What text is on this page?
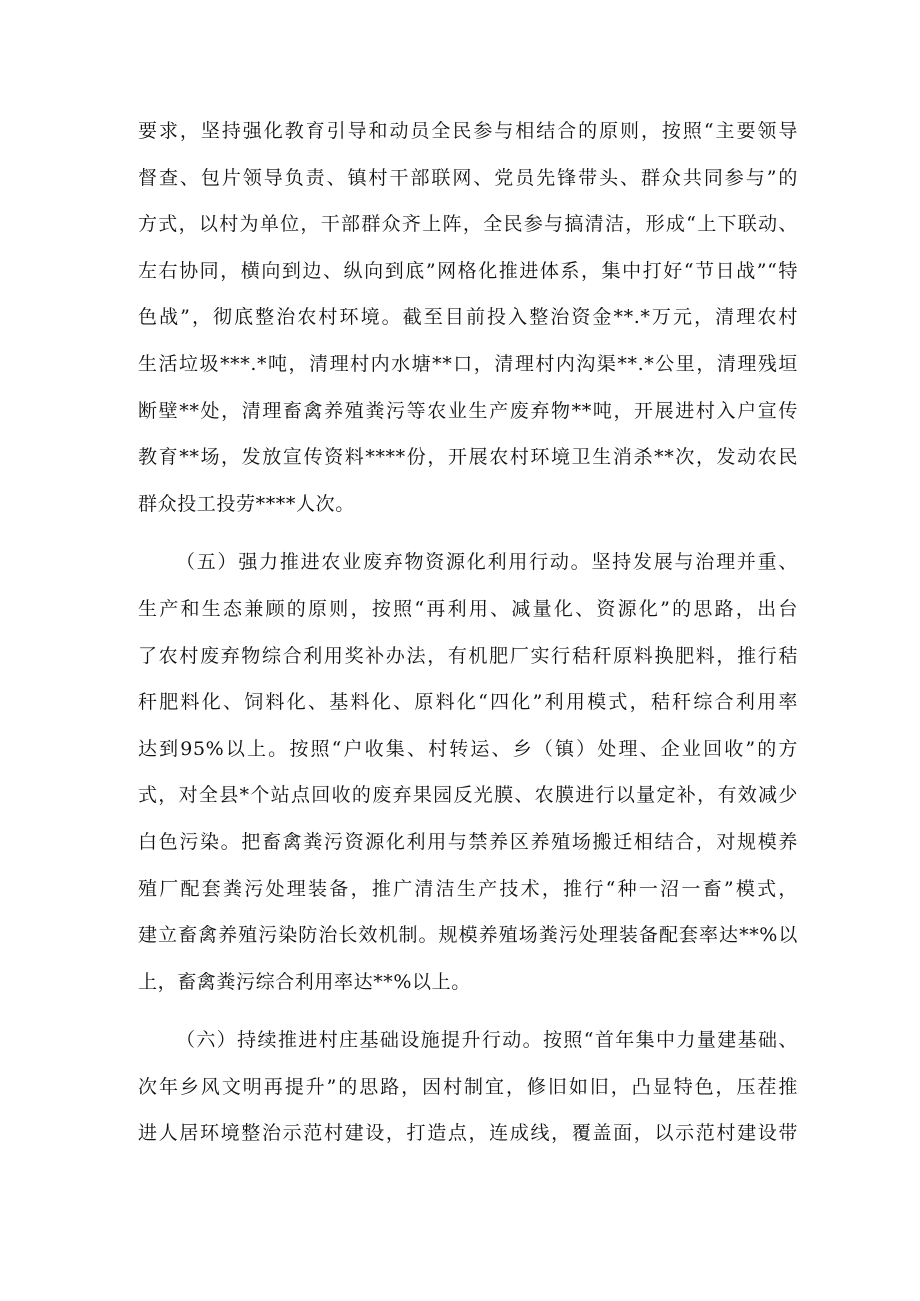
要求，坚持强化教育引导和动员全民参与相结合的原则，按照“主要领导
督查、包片领导负责、镇村干部联网、党员先锋带头、群众共同参与”的
方式，以村为单位，干部群众齐上阵，全民参与搞清洁，形成“上下联动、
左右协同，横向到边、纵向到底”网格化推进体系，集中打好“节日战”“特
色战”，彻底整治农村环境。截至目前投入整治资金**.*万元，清理农村
生活垃圾***.*吨，清理村内水塘**口，清理村内沟渠**.*公里，清理残垣
断壁**处，清理畜禽养殖粪污等农业生产废弃物**吨，开展进村入户宣传
教育**场，发放宣传资料****份，开展农村环境卫生消杀**次，发动农民
群众投工投劳****人次。
（五）强力推进农业废弃物资源化利用行动。坚持发展与治理并重、
生产和生态兼顾的原则，按照“再利用、减量化、资源化”的思路，出台
了农村废弃物综合利用奖补办法，有机肥厂实行秸秆原料换肥料，推行秸
秆肥料化、饲料化、基料化、原料化“四化”利用模式，秸秆综合利用率
达到95%以上。按照“户收集、村转运、乡（镇）处理、企业回收”的方
式，对全县*个站点回收的废弃果园反光膜、农膜进行以量定补，有效减少
白色污染。把畜禽粪污资源化利用与禁养区养殖场搬迁相结合，对规模养
殖厂配套粪污处理装备，推广清洁生产技术，推行“种一沼一畜”模式，
建立畜禽养殖污染防治长效机制。规模养殖场粪污处理装备配套率达**%以
上，畜禽粪污综合利用率达**%以上。
（六）持续推进村庄基础设施提升行动。按照“首年集中力量建基础、
次年乡风文明再提升”的思路，因村制宜，修旧如旧，凸显特色，压茬推
进人居环境整治示范村建设，打造点，连成线，覆盖面，以示范村建设带
